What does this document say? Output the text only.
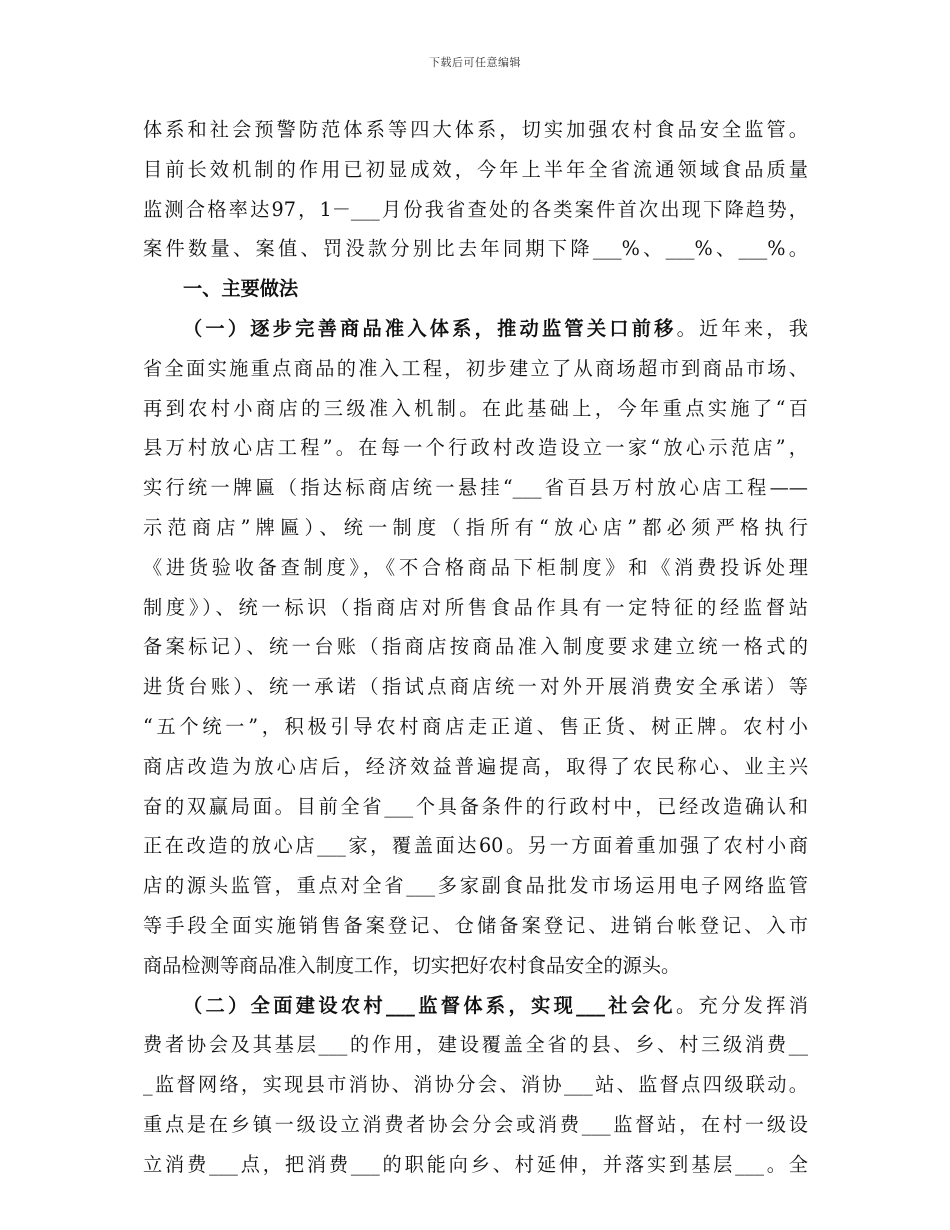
下载后可任意编辑
体系和社会预警防范体系等四大体系，切实加强农村食品安全监管。
目前长效机制的作用已初显成效，今年上半年全省流通领域食品质量
监测合格率达97，1－___月份我省查处的各类案件首次出现下降趋势，
案件数量、案值、罚没款分别比去年同期下降___%、___%、___%。
一、主要做法
（一）逐步完善商品准入体系，推动监管关口前移。近年来，我
省全面实施重点商品的准入工程，初步建立了从商场超市到商品市场、
再到农村小商店的三级准入机制。在此基础上，今年重点实施了“百
县万村放心店工程”。在每一个行政村改造设立一家“放心示范店”，
实行统一牌匾（指达标商店统一悬挂“___省百县万村放心店工程——
示范商店”牌匾）、统一制度（指所有“放心店”都必须严格执行
《进货验收备查制度》，《不合格商品下柜制度》和《消费投诉处理
制度》）、统一标识（指商店对所售食品作具有一定特征的经监督站
备案标记）、统一台账（指商店按商品准入制度要求建立统一格式的
进货台账）、统一承诺（指试点商店统一对外开展消费安全承诺）等
“五个统一”，积极引导农村商店走正道、售正货、树正牌。农村小
商店改造为放心店后，经济效益普遍提高，取得了农民称心、业主兴
奋的双赢局面。目前全省___个具备条件的行政村中，已经改造确认和
正在改造的放心店___家，覆盖面达60。另一方面着重加强了农村小商
店的源头监管，重点对全省___多家副食品批发市场运用电子网络监管
等手段全面实施销售备案登记、仓储备案登记、进销台帐登记、入市
商品检测等商品准入制度工作，切实把好农村食品安全的源头。
（二）全面建设农村___监督体系，实现___社会化。充分发挥消
费者协会及其基层___的作用，建设覆盖全省的县、乡、村三级消费__
_监督网络，实现县市消协、消协分会、消协___站、监督点四级联动。
重点是在乡镇一级设立消费者协会分会或消费___监督站，在村一级设
立消费___点，把消费___的职能向乡、村延伸，并落实到基层___。全
